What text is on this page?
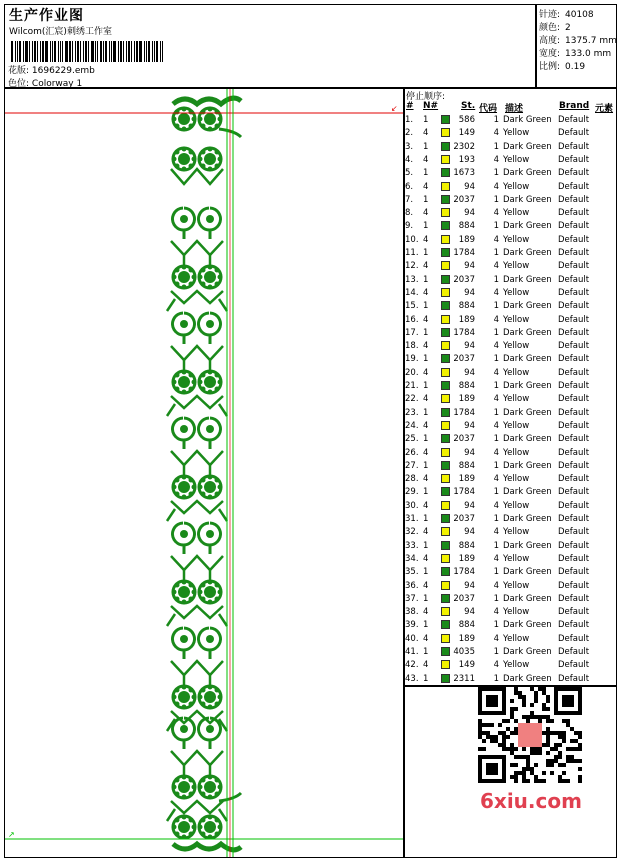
生产作业图
Wilcom(汇宸)刺绣工作室
花版: 1696229.emb
色位: Colorway 1
针迹: 40108
颜色: 2
高度: 1375.7 mm
宽度: 133.0 mm
比例: 0.19
↙
↗
停止顺序:
# N#	St. 代码 描述	Brand 元素
1. 1	586	1 Dark Green Default
2. 4	149	4 Yellow	Default
3. 1	2302	1 Dark Green Default
4. 4	193	4 Yellow	Default
5. 1	1673	1 Dark Green Default
6. 4	94	4 Yellow	Default
7. 1	2037	1 Dark Green Default
8. 4	94	4 Yellow	Default
9. 1	884	1 Dark Green Default
10. 4	189	4 Yellow	Default
11. 1	1784	1 Dark Green Default
12. 4	94	4 Yellow	Default
13. 1	2037	1 Dark Green Default
14. 4	94	4 Yellow	Default
15. 1	884	1 Dark Green Default
16. 4	189	4 Yellow	Default
17. 1	1784	1 Dark Green Default
18. 4	94	4 Yellow	Default
19. 1	2037	1 Dark Green Default
20. 4	94	4 Yellow	Default
21. 1	884	1 Dark Green Default
22. 4	189	4 Yellow	Default
23. 1	1784	1 Dark Green Default
24. 4	94	4 Yellow	Default
25. 1	2037	1 Dark Green Default
26. 4	94	4 Yellow	Default
27. 1	884	1 Dark Green Default
28. 4	189	4 Yellow	Default
29. 1	1784	1 Dark Green Default
30. 4	94	4 Yellow	Default
31. 1	2037	1 Dark Green Default
32. 4	94	4 Yellow	Default
33. 1	884	1 Dark Green Default
34. 4	189	4 Yellow	Default
35. 1	1784	1 Dark Green Default
36. 4	94	4 Yellow	Default
37. 1	2037	1 Dark Green Default
38. 4	94	4 Yellow	Default
39. 1	884	1 Dark Green Default
40. 4	189	4 Yellow	Default
41. 1	4035	1 Dark Green Default
42. 4	149	4 Yellow	Default
43. 1	2311	1 Dark Green Default
6xiu.com
